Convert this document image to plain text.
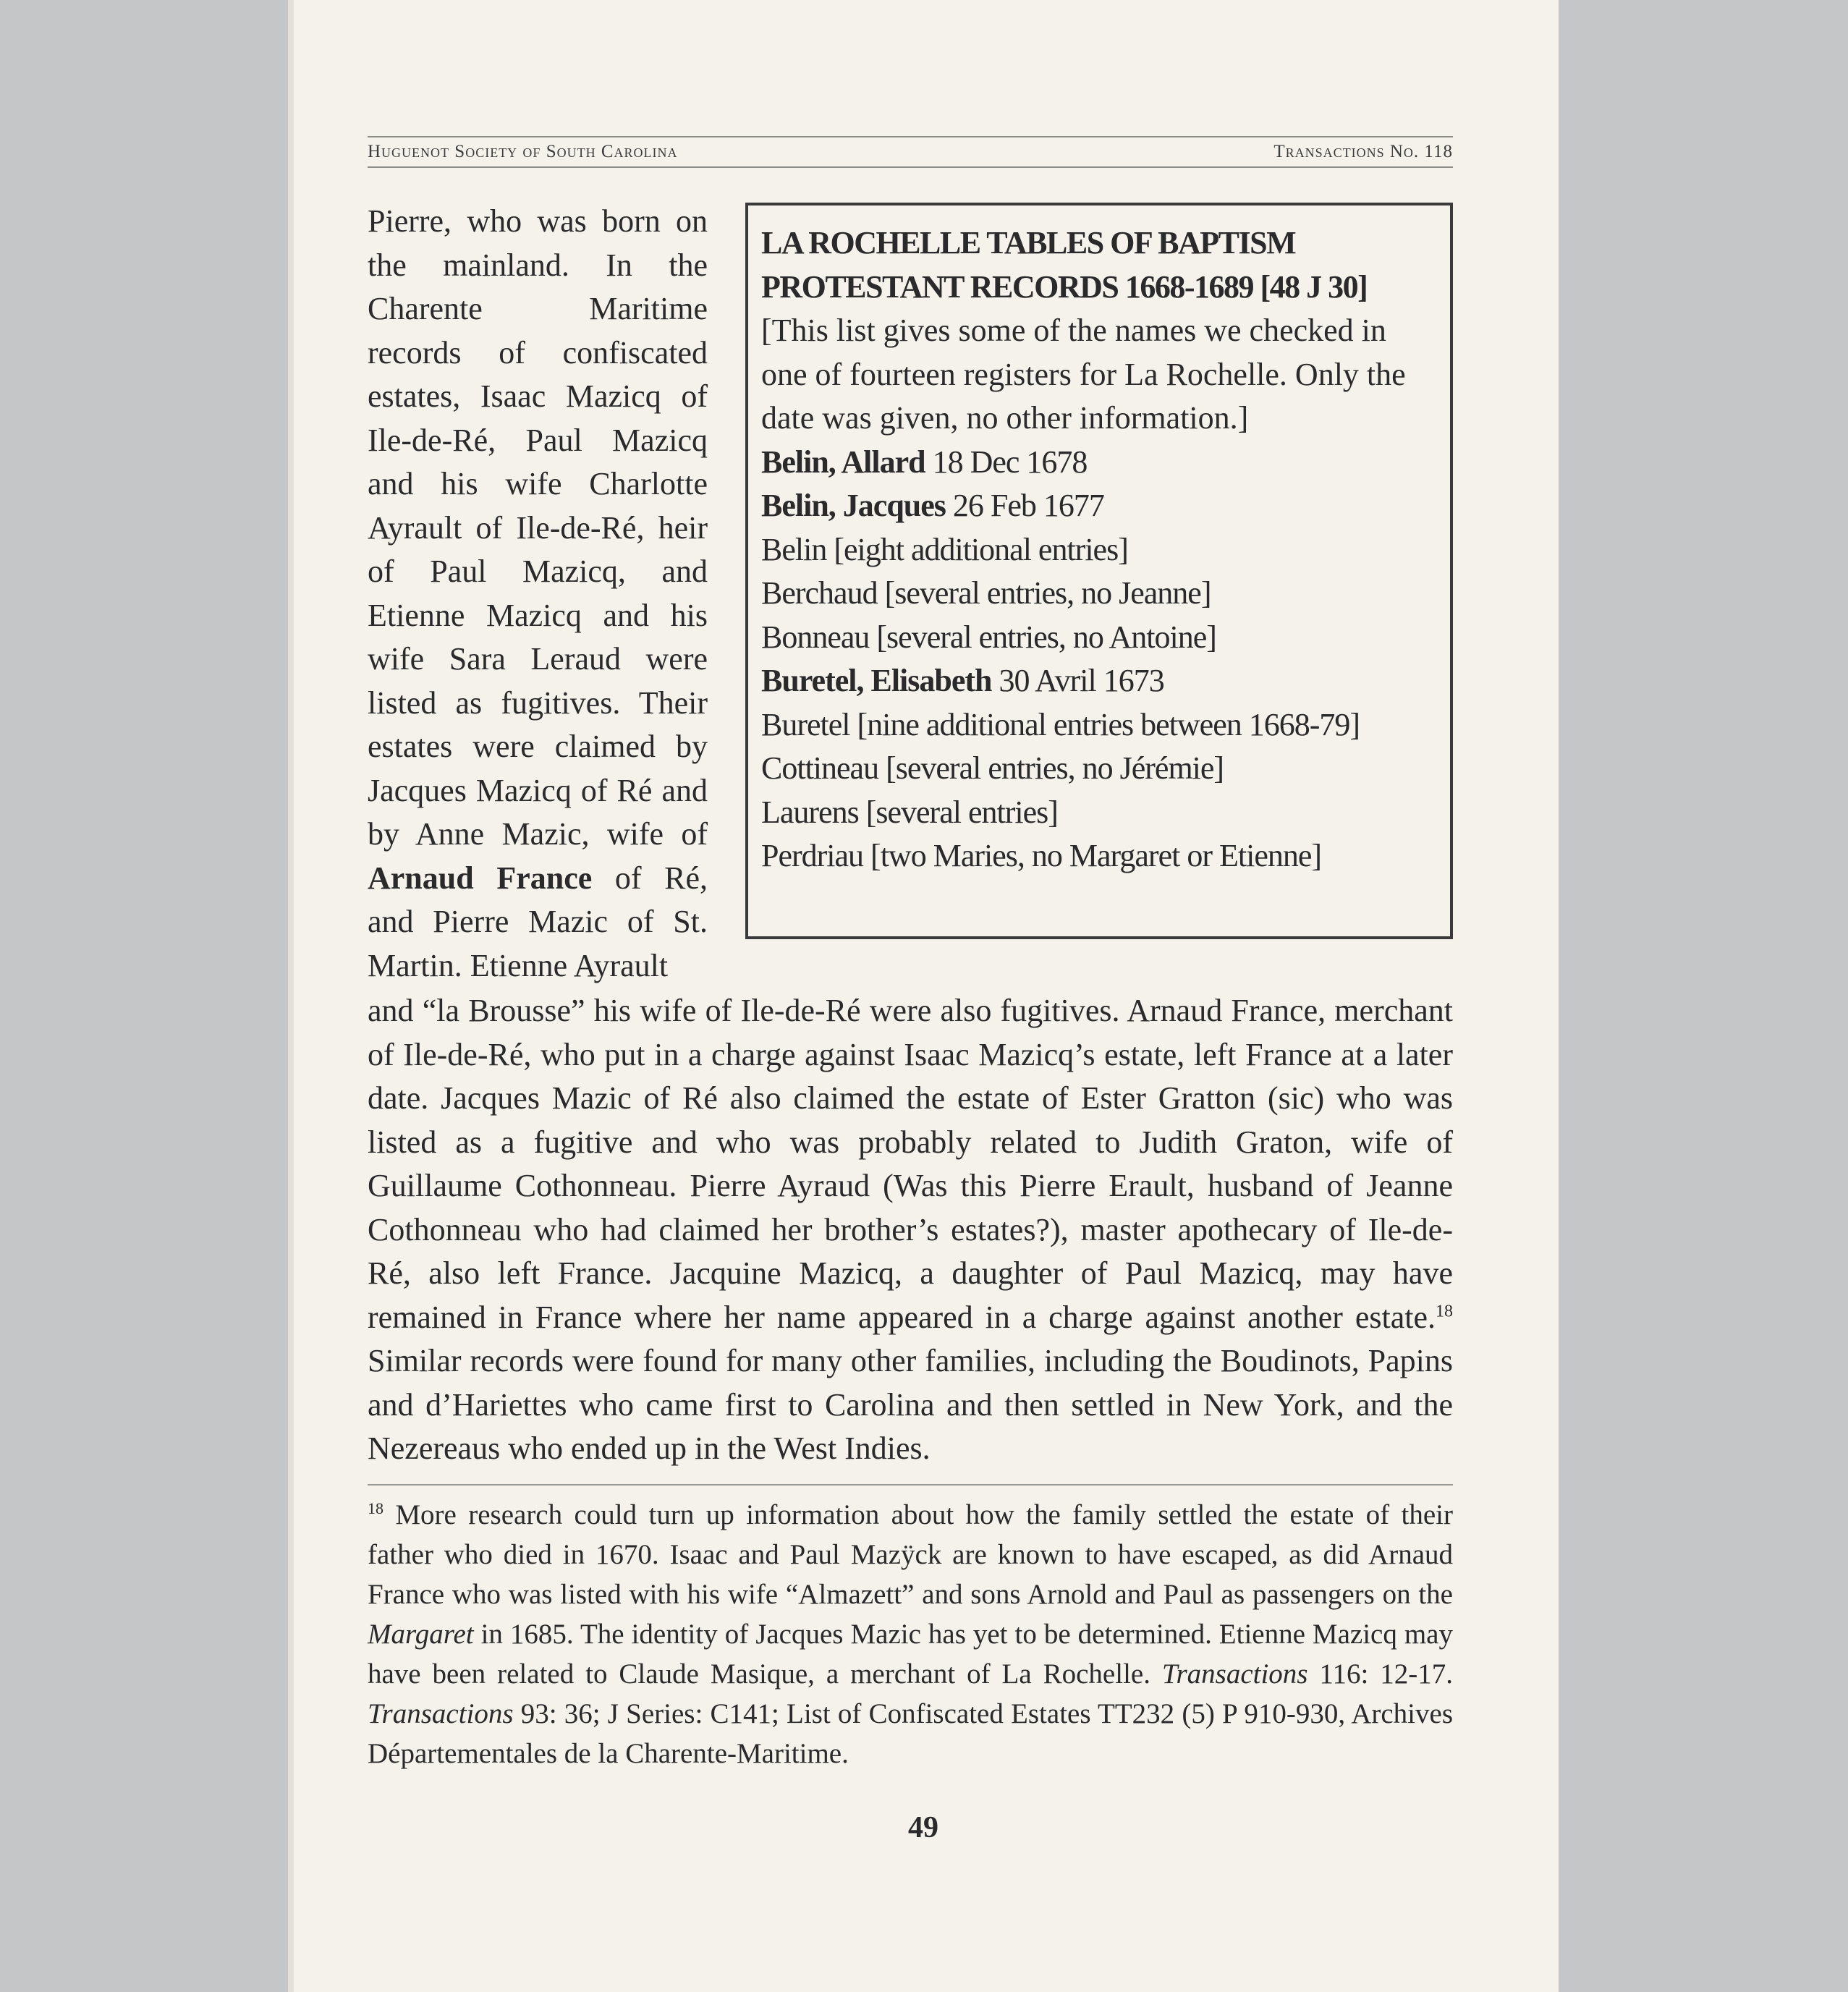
Huguenot Society of South Carolina	Transactions No. 118
Pierre, who was born on the mainland. In the Charente Maritime records of confiscated estates, Isaac Mazicq of Ile-de-Ré, Paul Mazicq and his wife Charlotte Ayrault of Ile-de-Ré, heir of Paul Mazicq, and Etienne Mazicq and his wife Sara Leraud were listed as fugitives. Their estates were claimed by Jacques Mazicq of Ré and by Anne Mazic, wife of Arnaud France of Ré, and Pierre Mazic of St. Martin. Etienne Ayrault
LA ROCHELLE TABLES OF BAPTISM PROTESTANT RECORDS 1668-1689 [48 J 30]
[This list gives some of the names we checked in one of fourteen registers for La Rochelle. Only the date was given, no other information.]
Belin, Allard 18 Dec 1678
Belin, Jacques 26 Feb 1677
Belin [eight additional entries]
Berchaud [several entries, no Jeanne]
Bonneau [several entries, no Antoine]
Buretel, Elisabeth 30 Avril 1673
Buretel [nine additional entries between 1668-79]
Cottineau [several entries, no Jérémie]
Laurens [several entries]
Perdriau [two Maries, no Margaret or Etienne]
and “la Brousse” his wife of Ile-de-Ré were also fugitives. Arnaud France, merchant of Ile-de-Ré, who put in a charge against Isaac Mazicq’s estate, left France at a later date. Jacques Mazic of Ré also claimed the estate of Ester Gratton (sic) who was listed as a fugitive and who was probably related to Judith Graton, wife of Guillaume Cothonneau. Pierre Ayraud (Was this Pierre Erault, husband of Jeanne Cothonneau who had claimed her brother’s estates?), master apothecary of Ile-de-Ré, also left France. Jacquine Mazicq, a daughter of Paul Mazicq, may have remained in France where her name appeared in a charge against another estate.$^{18}$ Similar records were found for many other families, including the Boudinots, Papins and d’Hariettes who came first to Carolina and then settled in New York, and the Nezereaus who ended up in the West Indies.
$^{18}$ More research could turn up information about how the family settled the estate of their father who died in 1670. Isaac and Paul Mazÿck are known to have escaped, as did Arnaud France who was listed with his wife “Almazett” and sons Arnold and Paul as passengers on the Margaret in 1685. The identity of Jacques Mazic has yet to be determined. Etienne Mazicq may have been related to Claude Masique, a merchant of La Rochelle. Transactions 116: 12-17. Transactions 93: 36; J Series: C141; List of Confiscated Estates TT232 (5) P 910-930, Archives Départementales de la Charente-Maritime.
49
